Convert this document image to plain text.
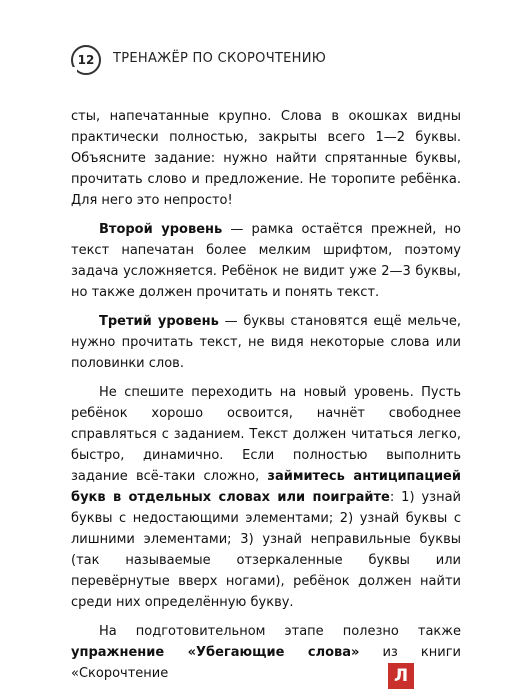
12	ТРЕНАЖЁР ПО СКОРОЧТЕНИЮ

сты, напечатанные крупно. Слова в окошках видны практически полностью, закрыты всего 1—2 буквы. Объясните задание: нужно найти спрятанные буквы, прочитать слово и предложение. Не торопите ребёнка. Для него это непросто!

Второй уровень — рамка остаётся прежней, но текст напечатан более мелким шрифтом, поэтому задача усложняется. Ребёнок не видит уже 2—3 буквы, но также должен прочитать и понять текст.

Третий уровень — буквы становятся ещё мельче, нужно прочитать текст, не видя некоторые слова или половинки слов.

Не спешите переходить на новый уровень. Пусть ребёнок хорошо освоится, начнёт свободнее справляться с заданием. Текст должен читаться легко, быстро, динамично. Если полностью выполнить задание всё-таки сложно, займитесь антиципацией букв в отдельных словах или поиграйте: 1) узнай буквы с недостающими элементами; 2) узнай буквы с лишними элементами; 3) узнай неправильные буквы (так называемые отзеркаленные буквы или перевёрнутые вверх ногами), ребёнок должен найти среди них определённую букву.

На подготовительном этапе полезно также упражнение «Убегающие слова» из книги «Скорочтение	Л
